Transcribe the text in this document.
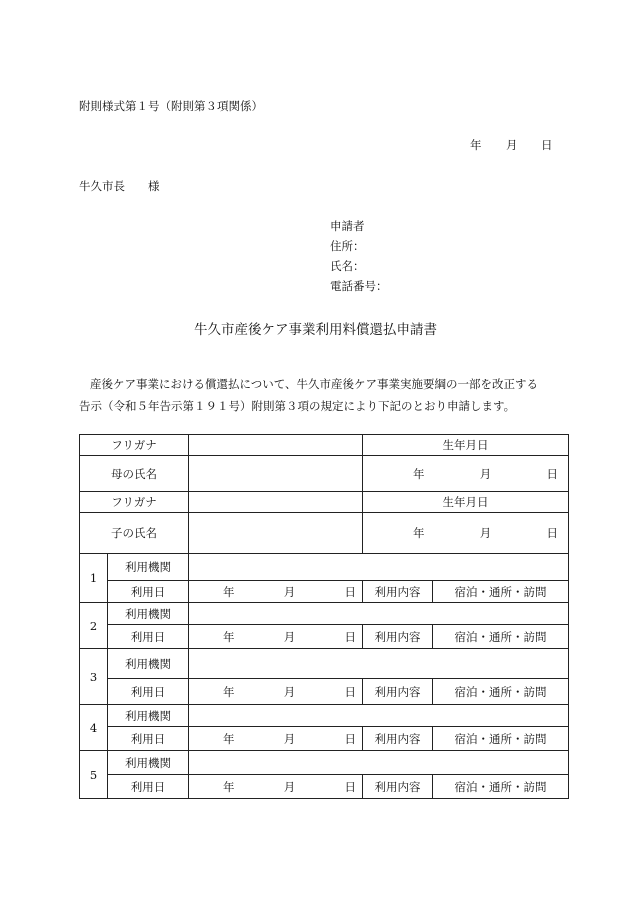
附則様式第１号（附則第３項関係）
年 月 日
牛久市長　　様
申請者
住所：
氏名：
電話番号：
牛久市産後ケア事業利用料償還払申請書
産後ケア事業における償還払について、牛久市産後ケア事業実施要綱の一部を改正する
告示（令和５年告示第１９１号）附則第３項の規定により下記のとおり申請します。
フリガナ			生年月日	
母の氏名			年 月 日	

フリガナ			生年月日	
子の氏名			年 月 日	

1	利用機関			
	利用日	年 月 日	利用内容	宿泊・通所・訪問
2	利用機関			
	利用日	年 月 日	利用内容	宿泊・通所・訪問
3	利用機関			
	利用日	年 月 日	利用内容	宿泊・通所・訪問
4	利用機関			
	利用日	年 月 日	利用内容	宿泊・通所・訪問
5	利用機関			
	利用日	年 月 日	利用内容	宿泊・通所・訪問
